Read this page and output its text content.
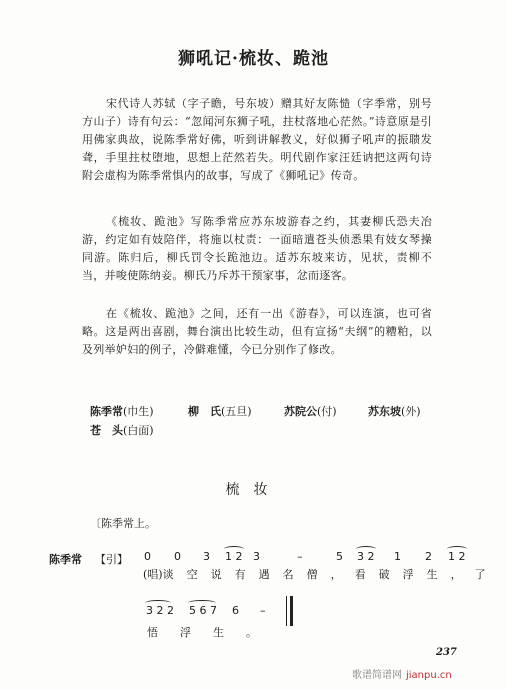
狮吼记·梳妆、跪池
宋代诗人苏轼（字子瞻，号东坡）赠其好友陈慥（字季常，别号方山子）诗有句云：“忽闻河东狮子吼，拄杖落地心茫然。”诗意原是引用佛家典故，说陈季常好佛，听到讲解教义，好似狮子吼声的振聩发聋，手里拄杖堕地，思想上茫然若失。明代剧作家汪廷讷把这两句诗附会虚构为陈季常惧内的故事，写成了《狮吼记》传奇。
《梳妆、跪池》写陈季常应苏东坡游春之约，其妻柳氏恐夫冶游，约定如有妓陪伴，将施以杖责：一面暗遣苍头侦悉果有妓女琴操同游。陈归后，柳氏罚令长跪池边。适苏东坡来访，见状，责柳不当，并唆使陈纳妾。柳氏乃斥苏干预家事，忿而逐客。
在《梳妆、跪池》之间，还有一出《游春》，可以连演，也可省略。这是两出喜剧，舞台演出比较生动，但有宣扬“夫纲”的糟粕，以及列举妒妇的例子，冷僻难懂，今已分别作了修改。
陈季常(巾生)	柳　氏(五旦)	苏院公(付)	苏东坡(外)
苍　头(白面)
梳妆
〔陈季常上。
陈季常 【引】 0 0 3 1 2 3	–	5 3 2 1 2 1 2
(唱)谈空说有遇名僧，看破浮生，了
3 2 2 5 6 7 6 –
悟浮生。
237
歌谱简谱网 jianpu.cn
